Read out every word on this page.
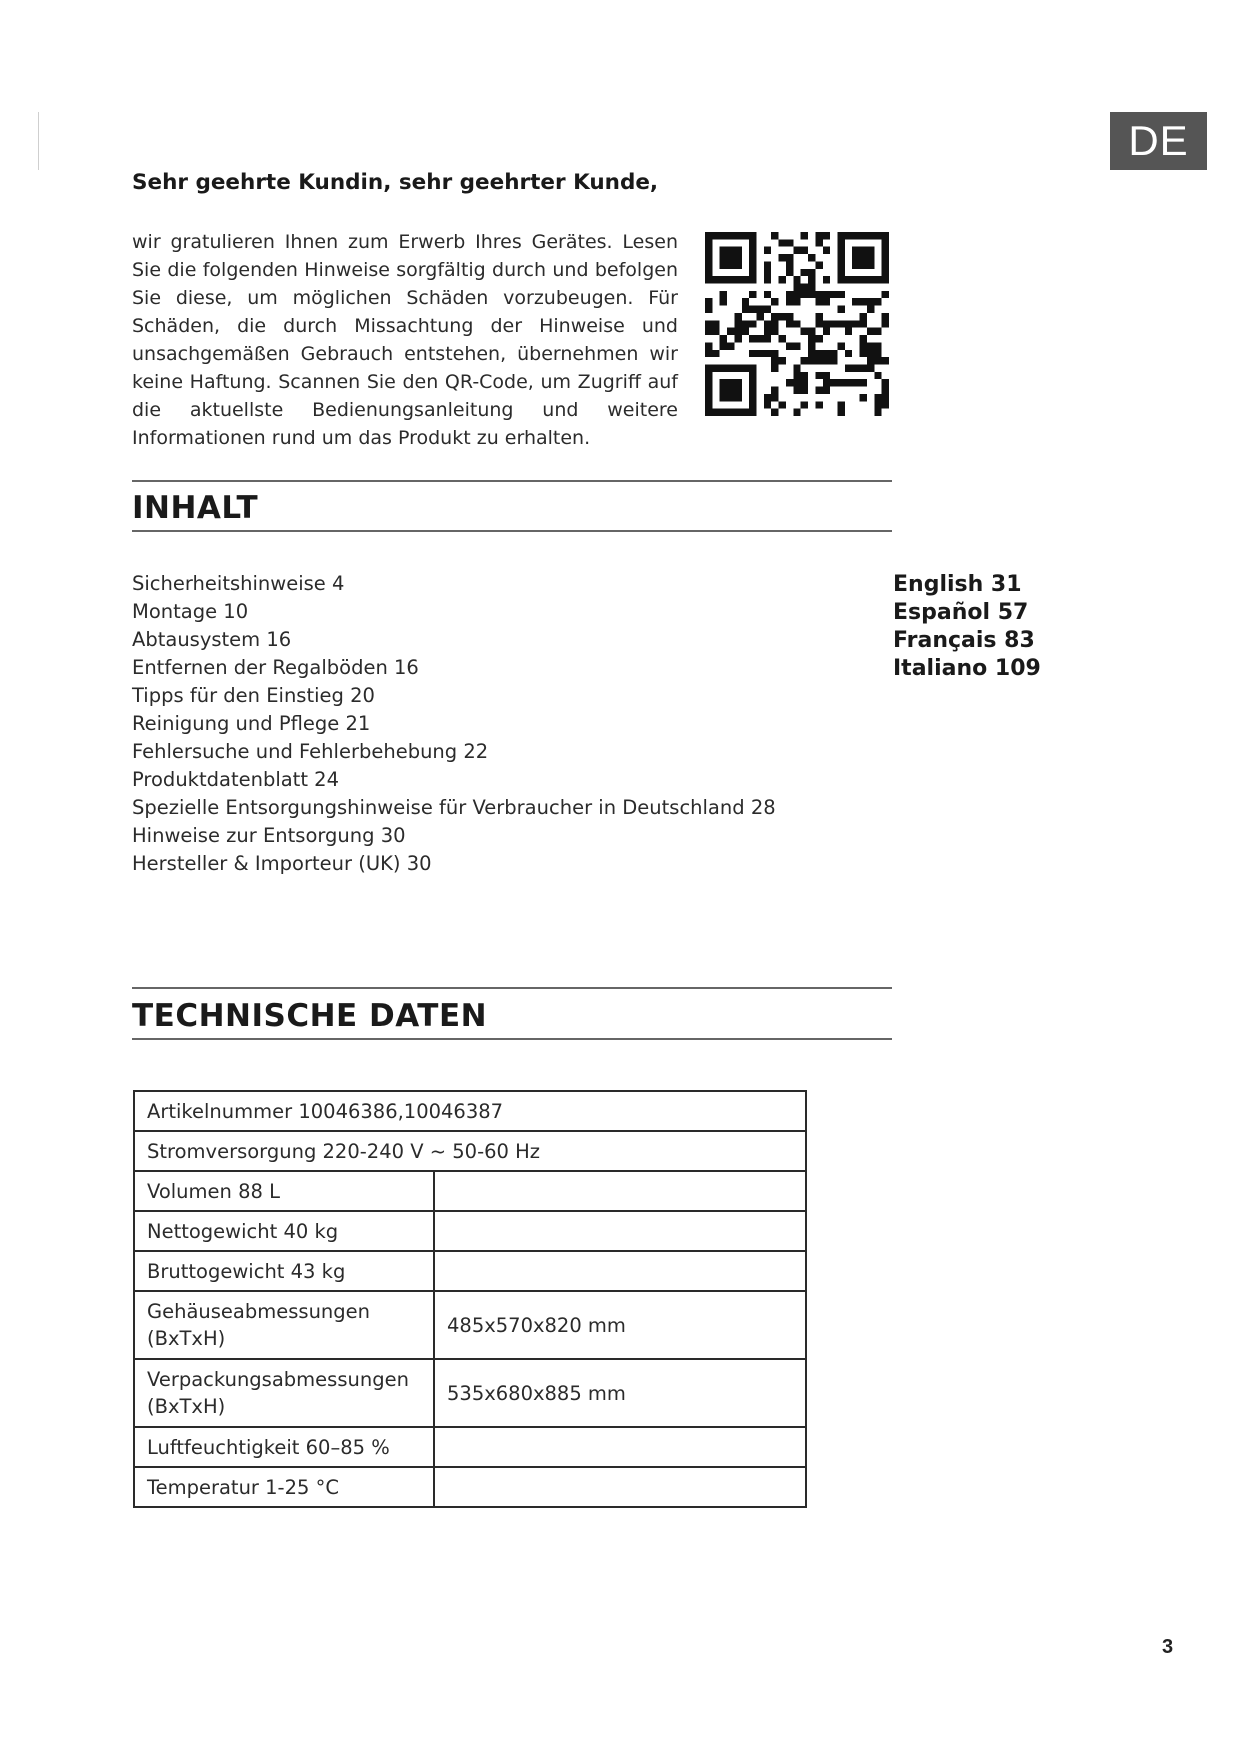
DE
Sehr geehrte Kundin, sehr geehrter Kunde,
wir gratulieren Ihnen zum Erwerb Ihres Gerätes. Lesen Sie die folgenden Hinweise sorgfältig durch und befolgen Sie diese, um möglichen Schäden vorzubeugen. Für Schäden, die durch Missachtung der Hinweise und unsachgemäßen Gebrauch entstehen, übernehmen wir keine Haftung. Scannen Sie den QR-Code, um Zugriff auf die aktuellste Bedienungsanleitung und weitere Informationen rund um das Produkt zu erhalten.
INHALT
Sicherheitshinweise 4
Montage 10
Abtausystem 16
Entfernen der Regalböden 16
Tipps für den Einstieg 20
Reinigung und Pflege 21
Fehlersuche und Fehlerbehebung 22
Produktdatenblatt 24
Spezielle Entsorgungshinweise für Verbraucher in Deutschland 28
Hinweise zur Entsorgung 30
Hersteller & Importeur (UK) 30
English 31
Español 57
Français 83
Italiano 109
TECHNISCHE DATEN
Artikelnummer 10046386,10046387	
Stromversorgung 220-240 V ~ 50-60 Hz	
Volumen 88 L	
Nettogewicht 40 kg	
Bruttogewicht 43 kg	
Gehäuseabmessungen (BxTxH)	485x570x820 mm
Verpackungsabmessungen (BxTxH)	535x680x885 mm
Luftfeuchtigkeit 60–85 %	
Temperatur 1-25 °C	
3
